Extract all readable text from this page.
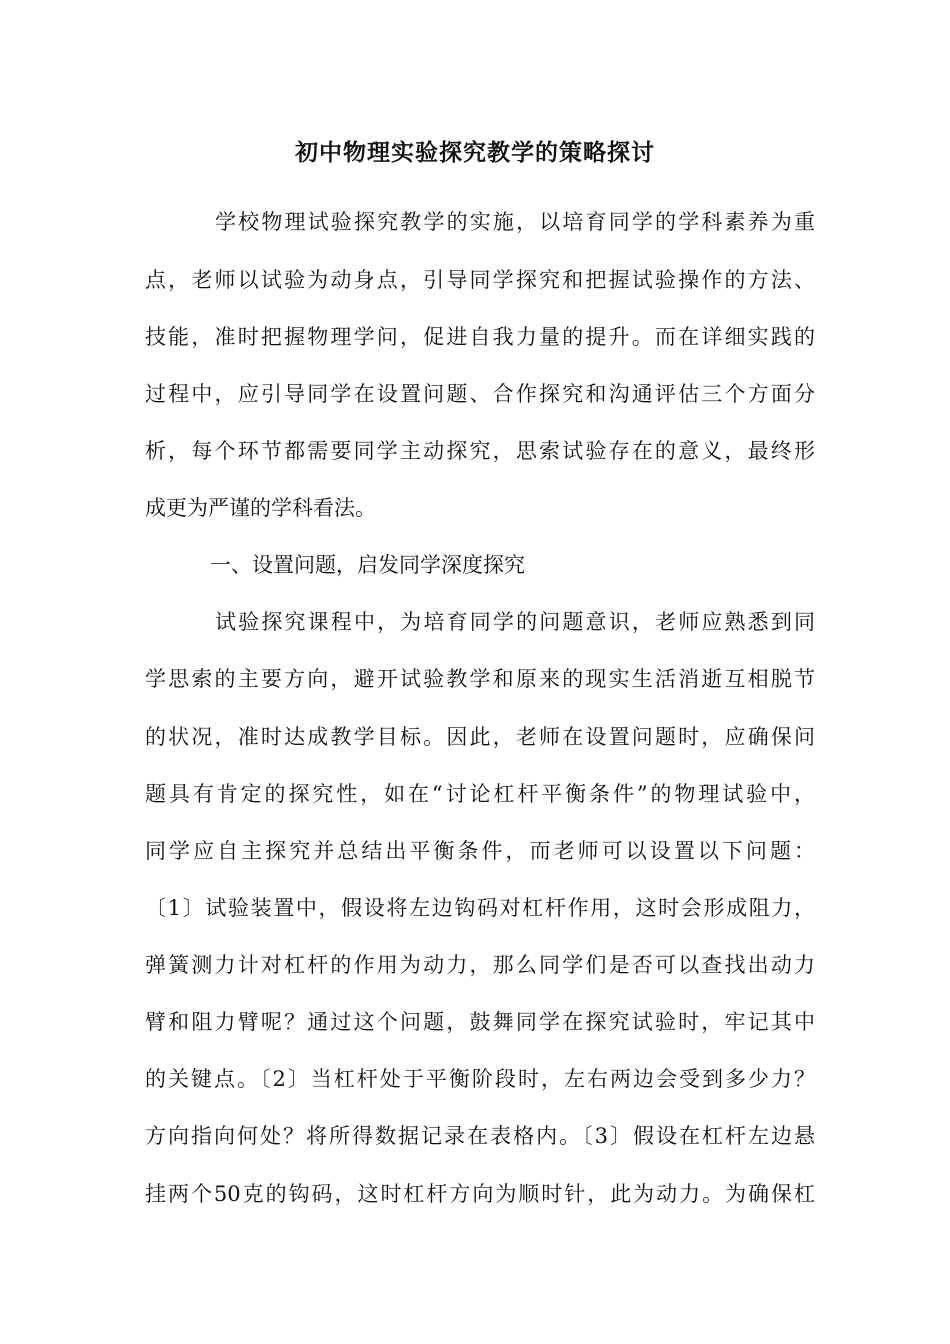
初中物理实验探究教学的策略探讨
学校物理试验探究教学的实施，以培育同学的学科素养为重
点，老师以试验为动身点，引导同学探究和把握试验操作的方法、
技能，准时把握物理学问，促进自我力量的提升。而在详细实践的
过程中，应引导同学在设置问题、合作探究和沟通评估三个方面分
析，每个环节都需要同学主动探究，思索试验存在的意义，最终形
成更为严谨的学科看法。
一、设置问题，启发同学深度探究
试验探究课程中，为培育同学的问题意识，老师应熟悉到同
学思索的主要方向，避开试验教学和原来的现实生活消逝互相脱节
的状况，准时达成教学目标。因此，老师在设置问题时，应确保问
题具有肯定的探究性，如在“讨论杠杆平衡条件”的物理试验中，
同学应自主探究并总结出平衡条件，而老师可以设置以下问题：
〔1〕试验装置中，假设将左边钩码对杠杆作用，这时会形成阻力，
弹簧测力计对杠杆的作用为动力，那么同学们是否可以查找出动力
臂和阻力臂呢？通过这个问题，鼓舞同学在探究试验时，牢记其中
的关键点。〔2〕当杠杆处于平衡阶段时，左右两边会受到多少力？
方向指向何处？将所得数据记录在表格内。〔3〕假设在杠杆左边悬
挂两个50克的钩码，这时杠杆方向为顺时针，此为动力。为确保杠
